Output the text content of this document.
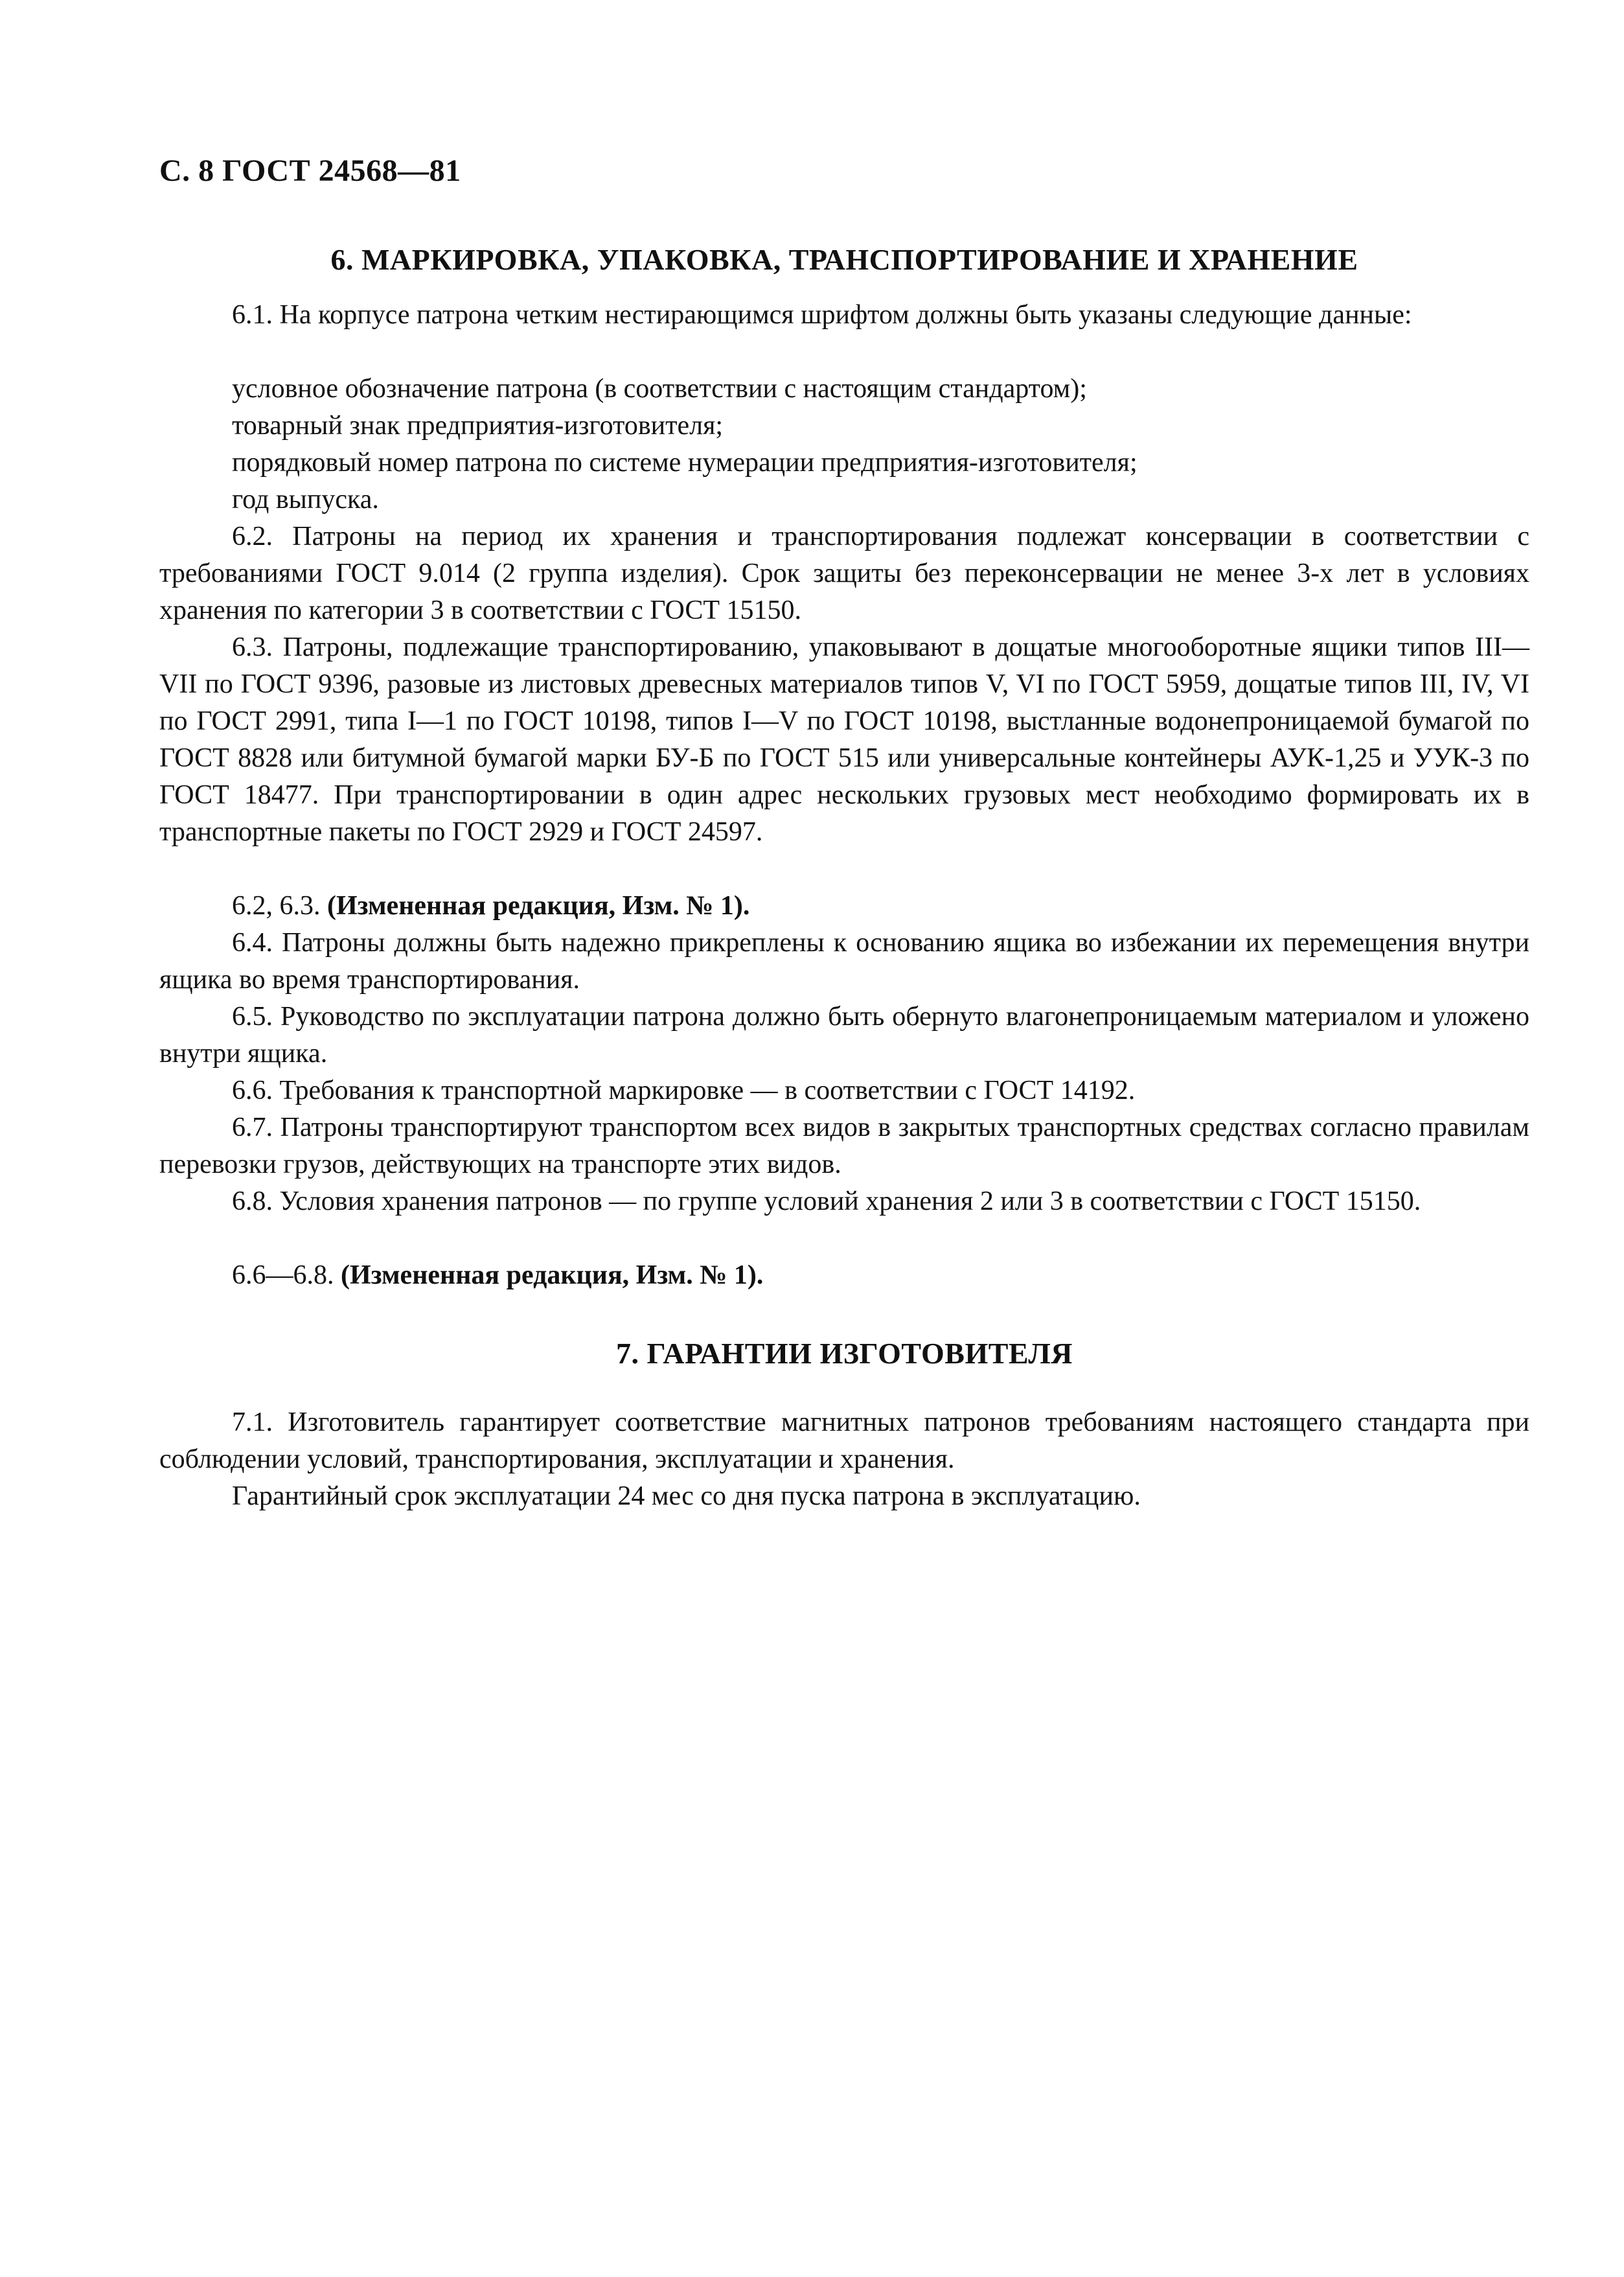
С. 8 ГОСТ 24568—81
6. МАРКИРОВКА, УПАКОВКА, ТРАНСПОРТИРОВАНИЕ И ХРАНЕНИЕ
6.1. На корпусе патрона четким нестирающимся шрифтом должны быть указаны следующие данные:
условное обозначение патрона (в соответствии с настоящим стандартом);
товарный знак предприятия-изготовителя;
порядковый номер патрона по системе нумерации предприятия-изготовителя;
год выпуска.
6.2. Патроны на период их хранения и транспортирования подлежат консервации в соответствии с требованиями ГОСТ 9.014 (2 группа изделия). Срок защиты без переконсервации не менее 3-х лет в условиях хранения по категории 3 в соответствии с ГОСТ 15150.
6.3. Патроны, подлежащие транспортированию, упаковывают в дощатые многооборотные ящики типов III—VII по ГОСТ 9396, разовые из листовых древесных материалов типов V, VI по ГОСТ 5959, дощатые типов III, IV, VI по ГОСТ 2991, типа I—1 по ГОСТ 10198, типов I—V по ГОСТ 10198, выстланные водонепроницаемой бумагой по ГОСТ 8828 или битумной бумагой марки БУ-Б по ГОСТ 515 или универсальные контейнеры АУК-1,25 и УУК-3 по ГОСТ 18477. При транспортировании в один адрес нескольких грузовых мест необходимо формировать их в транспортные пакеты по ГОСТ 2929 и ГОСТ 24597.
6.2, 6.3. (Измененная редакция, Изм. № 1).
6.4. Патроны должны быть надежно прикреплены к основанию ящика во избежании их перемещения внутри ящика во время транспортирования.
6.5. Руководство по эксплуатации патрона должно быть обернуто влагонепроницаемым материалом и уложено внутри ящика.
6.6. Требования к транспортной маркировке — в соответствии с ГОСТ 14192.
6.7. Патроны транспортируют транспортом всех видов в закрытых транспортных средствах согласно правилам перевозки грузов, действующих на транспорте этих видов.
6.8. Условия хранения патронов — по группе условий хранения 2 или 3 в соответствии с ГОСТ 15150.
6.6—6.8. (Измененная редакция, Изм. № 1).
7. ГАРАНТИИ ИЗГОТОВИТЕЛЯ
7.1. Изготовитель гарантирует соответствие магнитных патронов требованиям настоящего стандарта при соблюдении условий, транспортирования, эксплуатации и хранения.
Гарантийный срок эксплуатации 24 мес со дня пуска патрона в эксплуатацию.
